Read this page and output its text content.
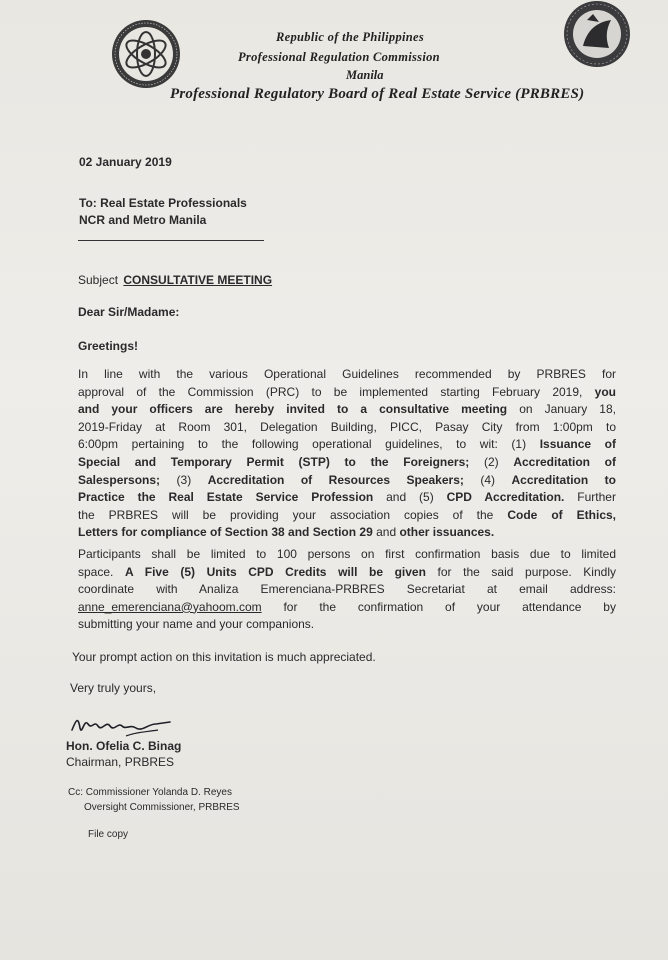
Republic of the Philippines
Professional Regulation Commission
Manila
Professional Regulatory Board of Real Estate Service (PRBRES)
02 January 2019
To: Real Estate Professionals
NCR and Metro Manila
Subject CONSULTATIVE MEETING
Dear Sir/Madame:
Greetings!
In line with the various Operational Guidelines recommended by PRBRES for
approval of the Commission (PRC) to be implemented starting February 2019, you
and your officers are hereby invited to a consultative meeting on January 18,
2019-Friday at Room 301, Delegation Building, PICC, Pasay City from 1:00pm to
6:00pm pertaining to the following operational guidelines, to wit: (1) Issuance of
Special and Temporary Permit (STP) to the Foreigners; (2) Accreditation of
Salespersons; (3) Accreditation of Resources Speakers; (4) Accreditation to
Practice the Real Estate Service Profession and (5) CPD Accreditation. Further
the PRBRES will be providing your association copies of the Code of Ethics,
Letters for compliance of Section 38 and Section 29 and other issuances.
Participants shall be limited to 100 persons on first confirmation basis due to limited
space. A Five (5) Units CPD Credits will be given for the said purpose. Kindly
coordinate with Analiza Emerenciana-PRBRES Secretariat at email address:
anne_emerenciana@yahoom.com for the confirmation of your attendance by
submitting your name and your companions.
Your prompt action on this invitation is much appreciated.
Very truly yours,
Hon. Ofelia C. Binag
Chairman, PRBRES
Cc: Commissioner Yolanda D. Reyes
Oversight Commissioner, PRBRES
File copy
